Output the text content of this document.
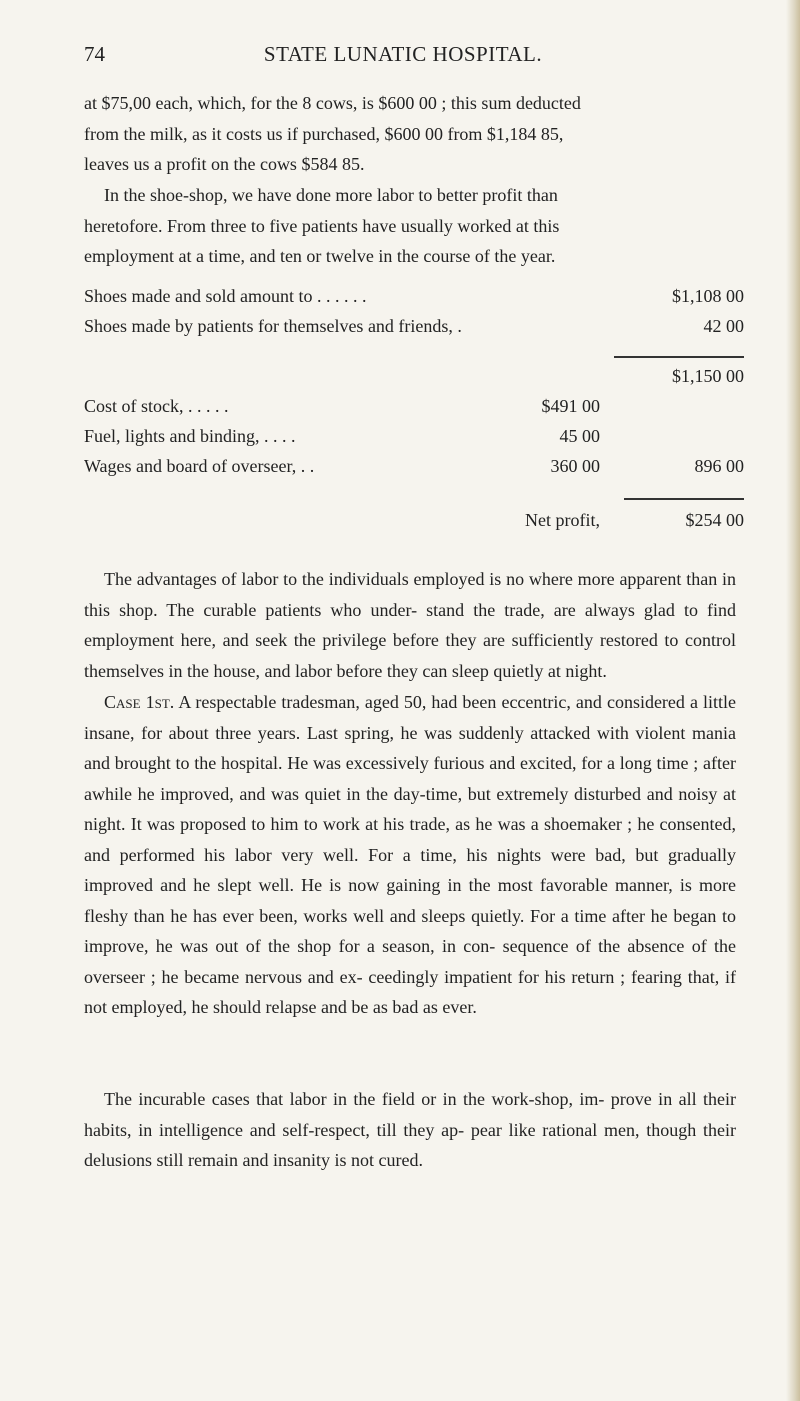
74	STATE LUNATIC HOSPITAL.

at $75,00 each, which, for the 8 cows, is $600 00 ; this sum deducted

from the milk, as it costs us if purchased, $600 00 from $1,184 85,

leaves us a profit on the cows $584 85.

In the shoe-shop, we have done more labor to better profit than

heretofore. From three to five patients have usually worked at this

employment at a time, and ten or twelve in the course of the year.

Shoes made and sold amount to . . . . . .	$1,108 00
Shoes made by patients for themselves and friends, .	42 00
$1,150 00
Cost of stock, . . . . .	$491 00
Fuel, lights and binding, . . . .	45 00
Wages and board of overseer, . .	360 00	896 00
Net profit,	$254 00

The advantages of labor to the individuals employed is no where more apparent than in this shop. The curable patients who under- stand the trade, are always glad to find employment here, and seek the privilege before they are sufficiently restored to control themselves in the house, and labor before they can sleep quietly at night.

Case 1st. A respectable tradesman, aged 50, had been eccentric, and considered a little insane, for about three years. Last spring, he was suddenly attacked with violent mania and brought to the hospital. He was excessively furious and excited, for a long time ; after awhile he improved, and was quiet in the day-time, but extremely disturbed and noisy at night. It was proposed to him to work at his trade, as he was a shoemaker ; he consented, and performed his labor very well. For a time, his nights were bad, but gradually improved and he slept well. He is now gaining in the most favorable manner, is more fleshy than he has ever been, works well and sleeps quietly. For a time after he began to improve, he was out of the shop for a season, in con- sequence of the absence of the overseer ; he became nervous and ex- ceedingly impatient for his return ; fearing that, if not employed, he should relapse and be as bad as ever.

The incurable cases that labor in the field or in the work-shop, im- prove in all their habits, in intelligence and self-respect, till they ap- pear like rational men, though their delusions still remain and insanity is not cured.
